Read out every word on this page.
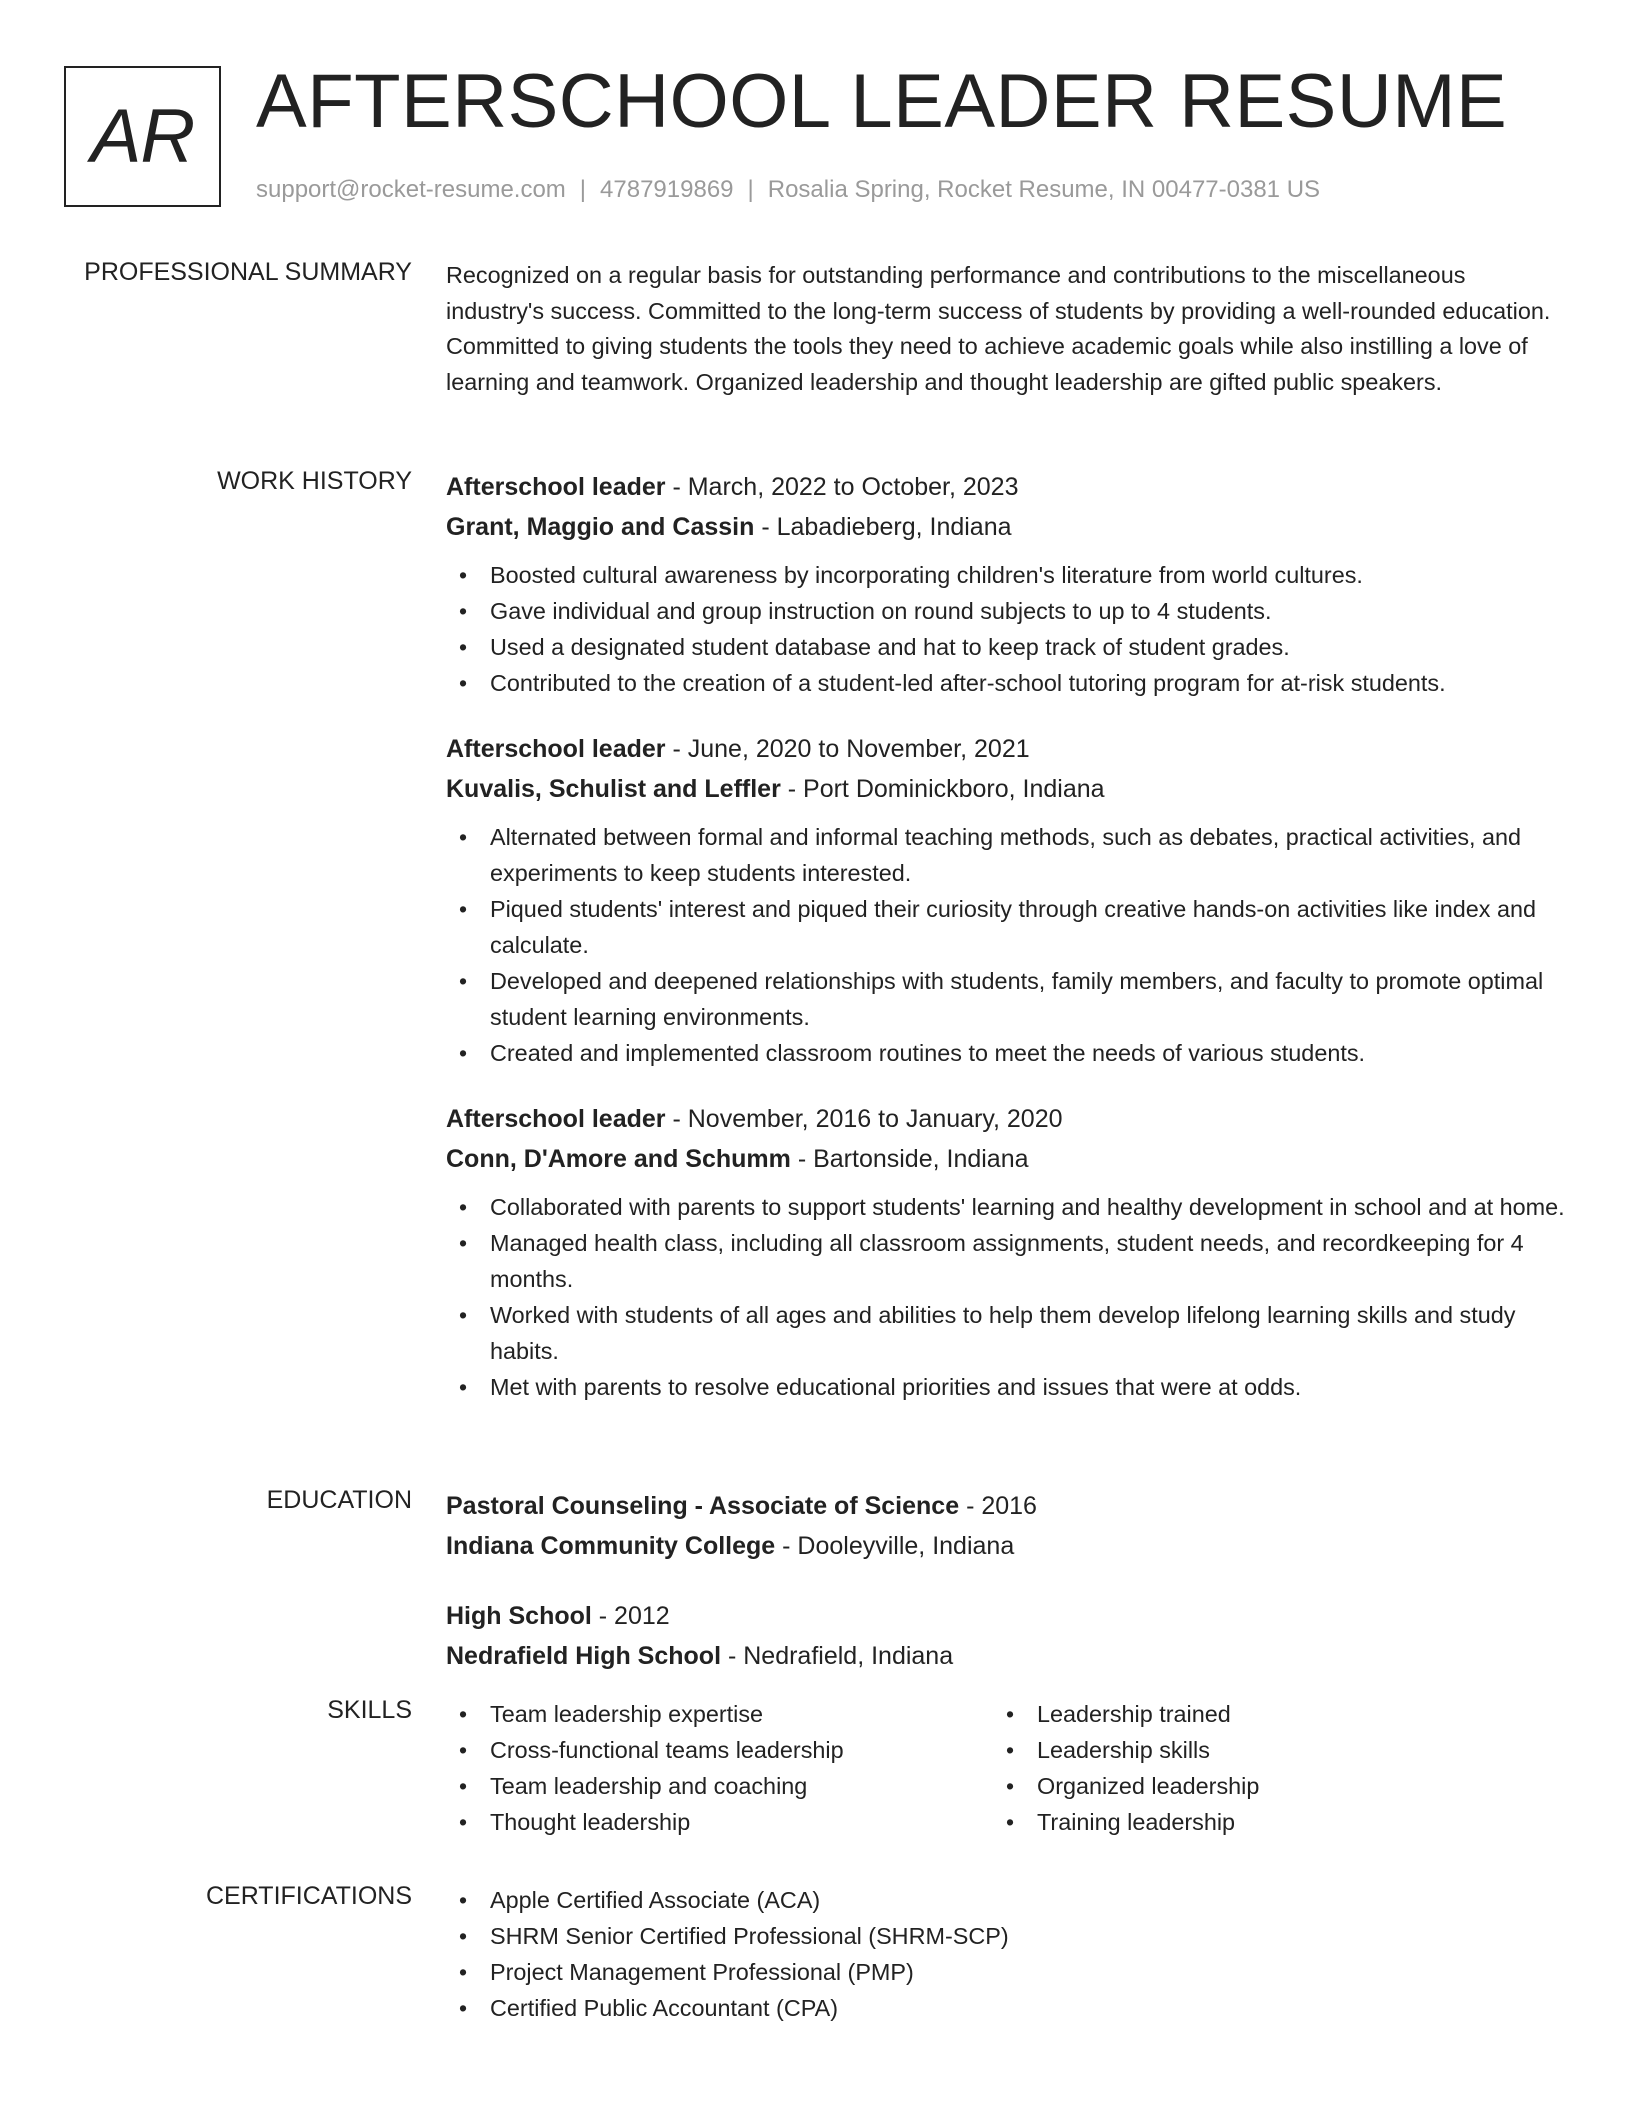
AR AFTERSCHOOL LEADER RESUME
support@rocket-resume.com | 4787919869 | Rosalia Spring, Rocket Resume, IN 00477-0381 US
PROFESSIONAL SUMMARY Recognized on a regular basis for outstanding performance and contributions to the miscellaneous industry's success. Committed to the long-term success of students by providing a well-rounded education. Committed to giving students the tools they need to achieve academic goals while also instilling a love of learning and teamwork. Organized leadership and thought leadership are gifted public speakers.

WORK HISTORY Afterschool leader - March, 2022 to October, 2023
Grant, Maggio and Cassin - Labadieberg, Indiana
• Boosted cultural awareness by incorporating children's literature from world cultures.
• Gave individual and group instruction on round subjects to up to 4 students.
• Used a designated student database and hat to keep track of student grades.
• Contributed to the creation of a student-led after-school tutoring program for at-risk students.
Afterschool leader - June, 2020 to November, 2021
Kuvalis, Schulist and Leffler - Port Dominickboro, Indiana
• Alternated between formal and informal teaching methods, such as debates, practical activities, and experiments to keep students interested.
• Piqued students' interest and piqued their curiosity through creative hands-on activities like index and calculate.
• Developed and deepened relationships with students, family members, and faculty to promote optimal student learning environments.
• Created and implemented classroom routines to meet the needs of various students.
Afterschool leader - November, 2016 to January, 2020
Conn, D'Amore and Schumm - Bartonside, Indiana
• Collaborated with parents to support students' learning and healthy development in school and at home.
• Managed health class, including all classroom assignments, student needs, and recordkeeping for 4 months.
• Worked with students of all ages and abilities to help them develop lifelong learning skills and study habits.
• Met with parents to resolve educational priorities and issues that were at odds.
EDUCATION Pastoral Counseling - Associate of Science - 2016
Indiana Community College - Dooleyville, Indiana
High School - 2012
Nedrafield High School - Nedrafield, Indiana
SKILLS	• Team leadership expertise
• Cross-functional teams leadership
• Team leadership and coaching
• Thought leadership
• Leadership trained
• Leadership skills
• Organized leadership
• Training leadership
CERTIFICATIONS	• Apple Certified Associate (ACA)
• SHRM Senior Certified Professional (SHRM-SCP)
• Project Management Professional (PMP)
• Certified Public Accountant (CPA)
